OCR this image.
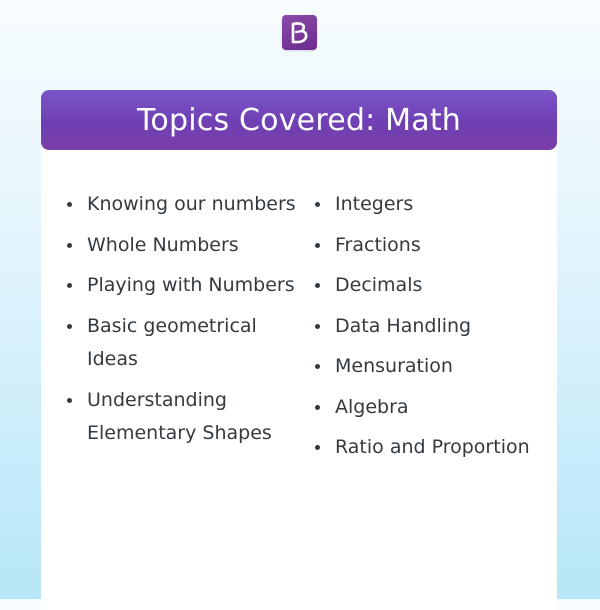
Topics Covered: Math
Knowing our numbers
Whole Numbers
Playing with Numbers
Basic geometrical Ideas
Understanding Elementary Shapes
Integers
Fractions
Decimals
Data Handling
Mensuration
Algebra
Ratio and Proportion
